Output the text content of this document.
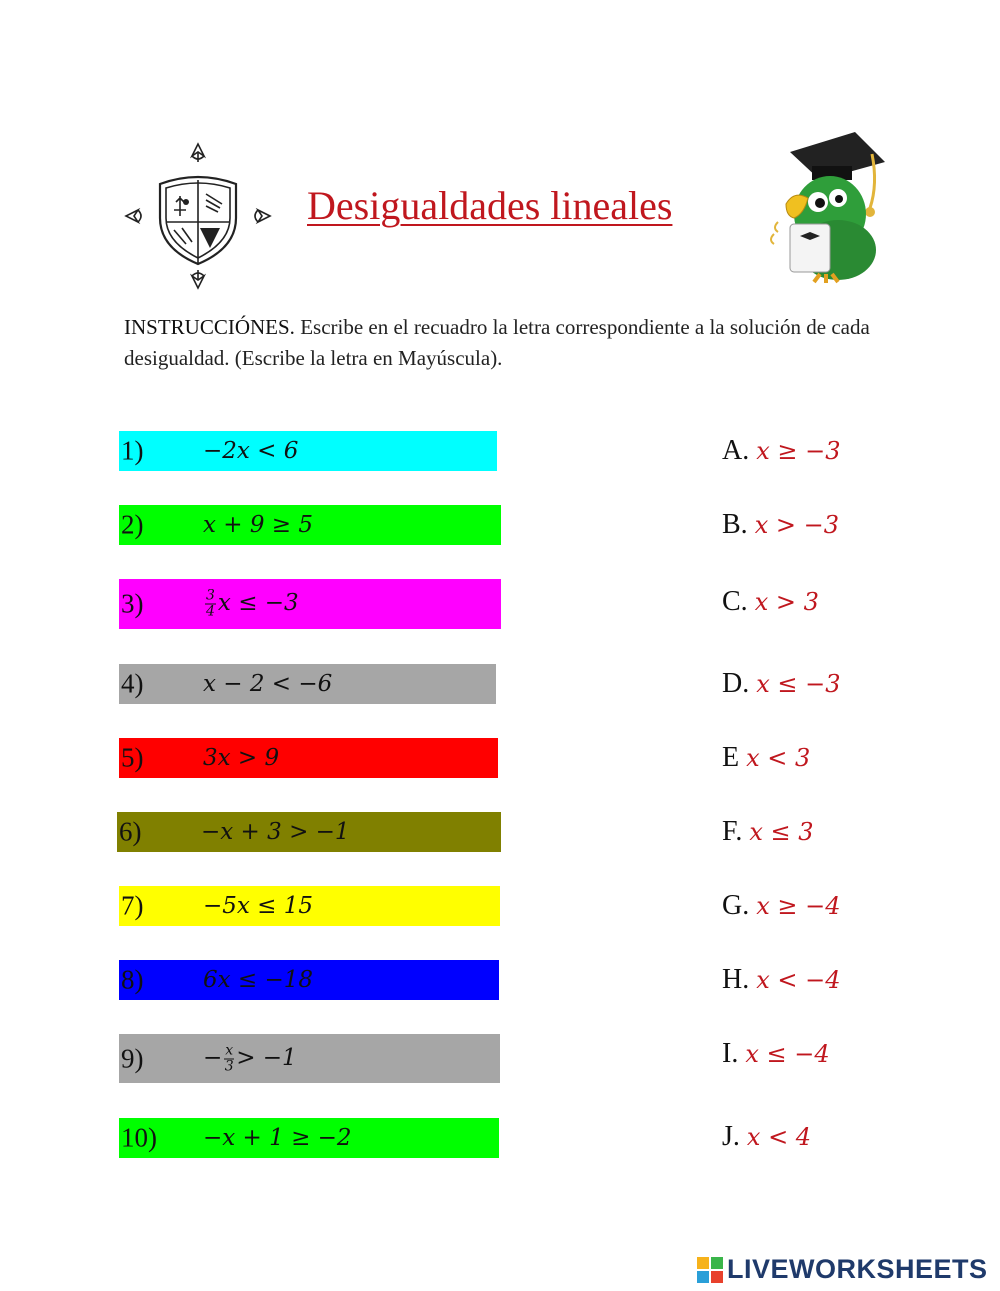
Desigualdades lineales
INSTRUCCIÓNES. Escribe en el recuadro la letra correspondiente a la solución de cada desigualdad. (Escribe la letra en Mayúscula).
1)	−2x < 6
2)	x + 9 ≥ 5
3)	$\frac{3}{4}$ x ≤ −3
4)	x − 2 < −6
5)	3x > 9
6)	−x + 3 > −1
7)	−5x ≤ 15
8)	6x ≤ −18
9)	− $\frac{x}{3} > -1$
10) −x + 1 ≥ −2
A. x ≥ −3
B. x > −3
C. x > 3
D. x ≤ −3
E x < 3
F. x ≤ 3
G. x ≥ −4
H. x < −4
I. x ≤ −4
J. x < 4
LIVEWORKSHEETS
